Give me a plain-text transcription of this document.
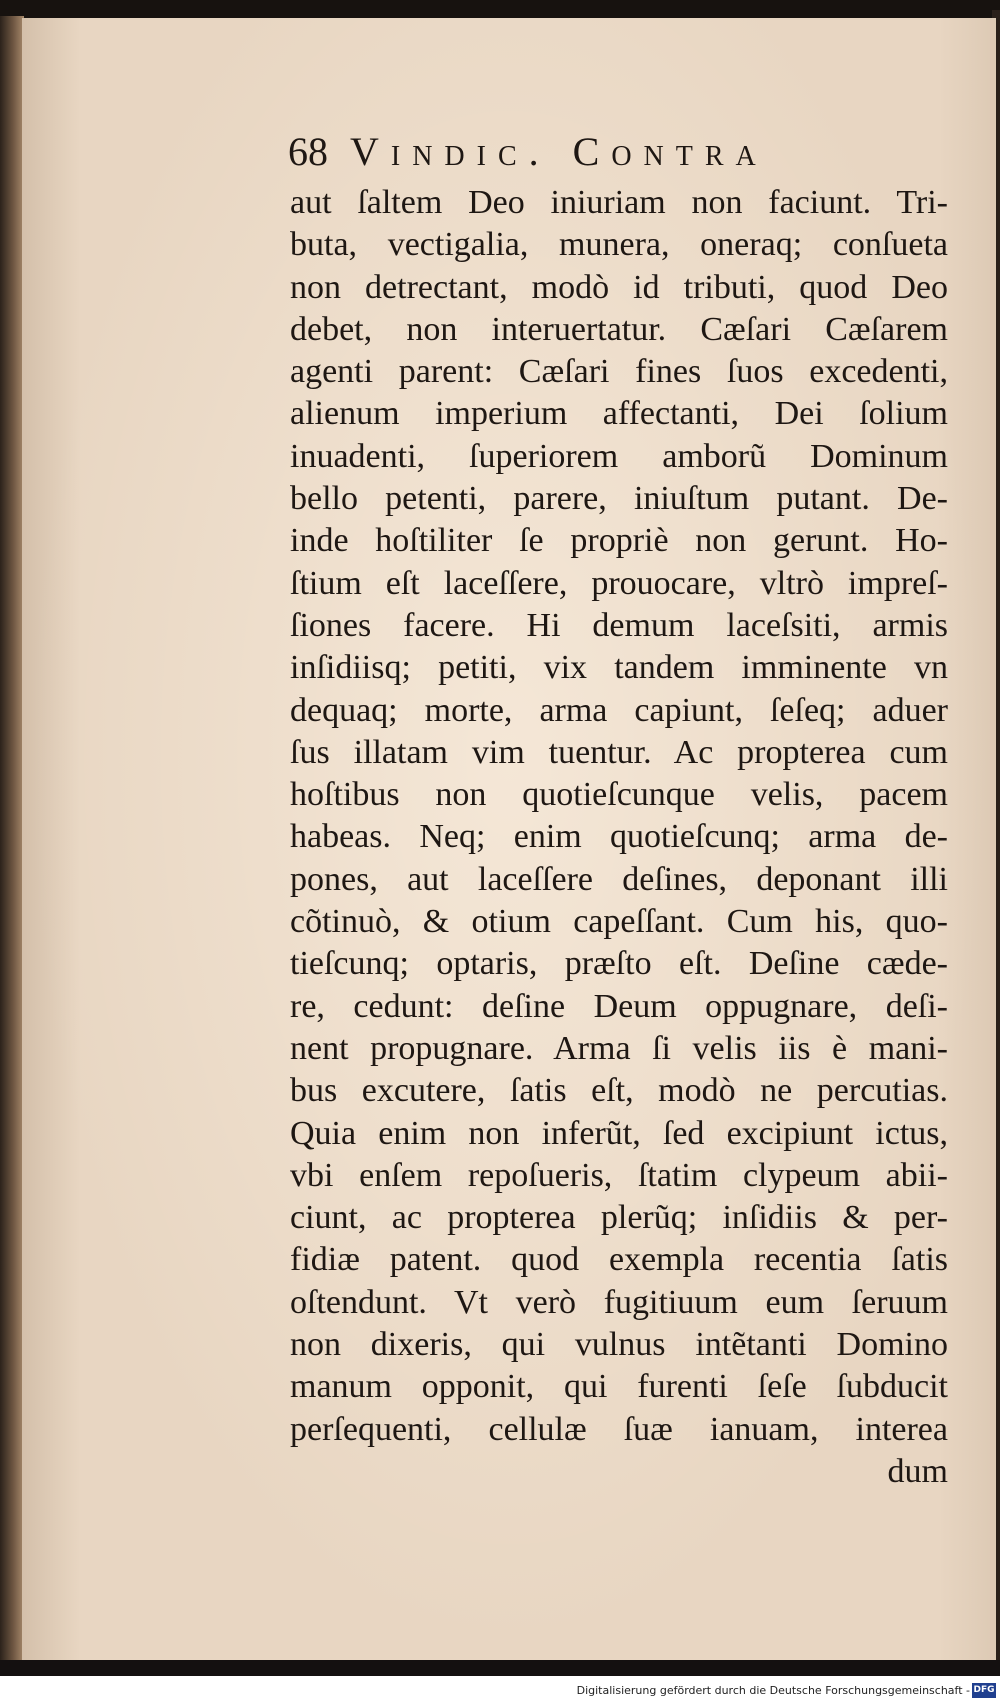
68 Vindic. Contra
aut ſaltem Deo iniuriam non faciunt. Tri-
buta, vectigalia, munera, oneraq; conſueta
non detrectant, modò id tributi, quod Deo
debet, non interuertatur. Cæſari Cæſarem
agenti parent: Cæſari fines ſuos excedenti,
alienum imperium affectanti, Dei ſolium
inuadenti, ſuperiorem amborũ Dominum
bello petenti, parere, iniuſtum putant. De-
inde hoſtiliter ſe propriè non gerunt. Ho-
ſtium eſt laceſſere, prouocare, vltrò impreſ-
ſiones facere. Hi demum laceſsiti, armis
inſidiisq; petiti, vix tandem imminente vn
dequaq; morte, arma capiunt, ſeſeq; aduer
ſus illatam vim tuentur. Ac propterea cum
hoſtibus non quotieſcunque velis, pacem
habeas. Neq; enim quotieſcunq; arma de-
pones, aut laceſſere deſines, deponant illi
cõtinuò, & otium capeſſant. Cum his, quo-
tieſcunq; optaris, præſto eſt. Deſine cæde-
re, cedunt: deſine Deum oppugnare, deſi-
nent propugnare. Arma ſi velis iis è mani-
bus excutere, ſatis eſt, modò ne percutias.
Quia enim non inferũt, ſed excipiunt ictus,
vbi enſem repoſueris, ſtatim clypeum abii-
ciunt, ac propterea plerũq; inſidiis & per-
fidiæ patent. quod exempla recentia ſatis
oſtendunt. Vt verò fugitiuum eum ſeruum
non dixeris, qui vulnus intẽtanti Domino
manum opponit, qui furenti ſeſe ſubducit
perſequenti, cellulæ ſuæ ianuam, interea
dum
Digitalisierung gefördert durch die Deutsche Forschungsgemeinschaft - DFG
